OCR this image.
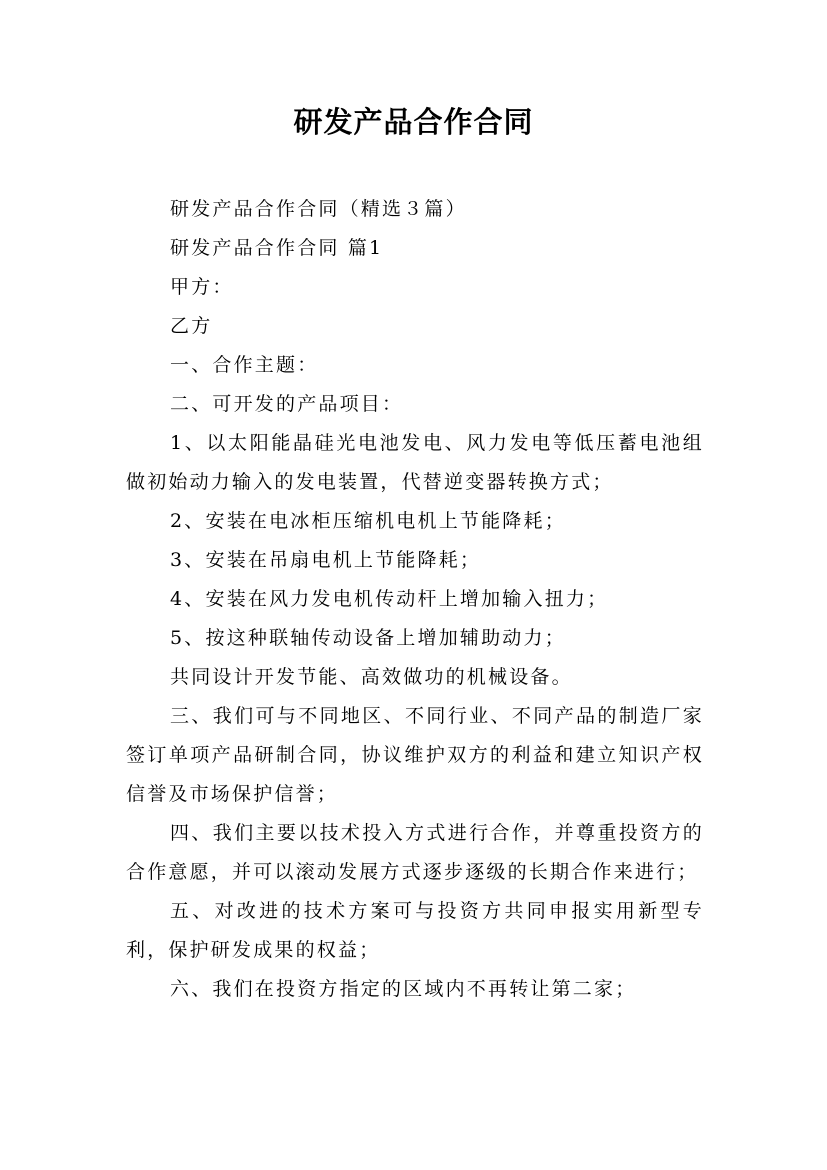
研发产品合作合同

研发产品合作合同（精选３篇）

研发产品合作合同 篇1

甲方：

乙方

一、合作主题：

二、可开发的产品项目：

1、以太阳能晶硅光电池发电、风力发电等低压蓄电池组做初始动力输入的发电装置，代替逆变器转换方式；

2、安装在电冰柜压缩机电机上节能降耗；

3、安装在吊扇电机上节能降耗；

4、安装在风力发电机传动杆上增加输入扭力；

5、按这种联轴传动设备上增加辅助动力；

共同设计开发节能、高效做功的机械设备。

三、我们可与不同地区、不同行业、不同产品的制造厂家签订单项产品研制合同，协议维护双方的利益和建立知识产权信誉及市场保护信誉；

四、我们主要以技术投入方式进行合作，并尊重投资方的合作意愿，并可以滚动发展方式逐步逐级的长期合作来进行；

五、对改进的技术方案可与投资方共同申报实用新型专利，保护研发成果的权益；

六、我们在投资方指定的区域内不再转让第二家；
